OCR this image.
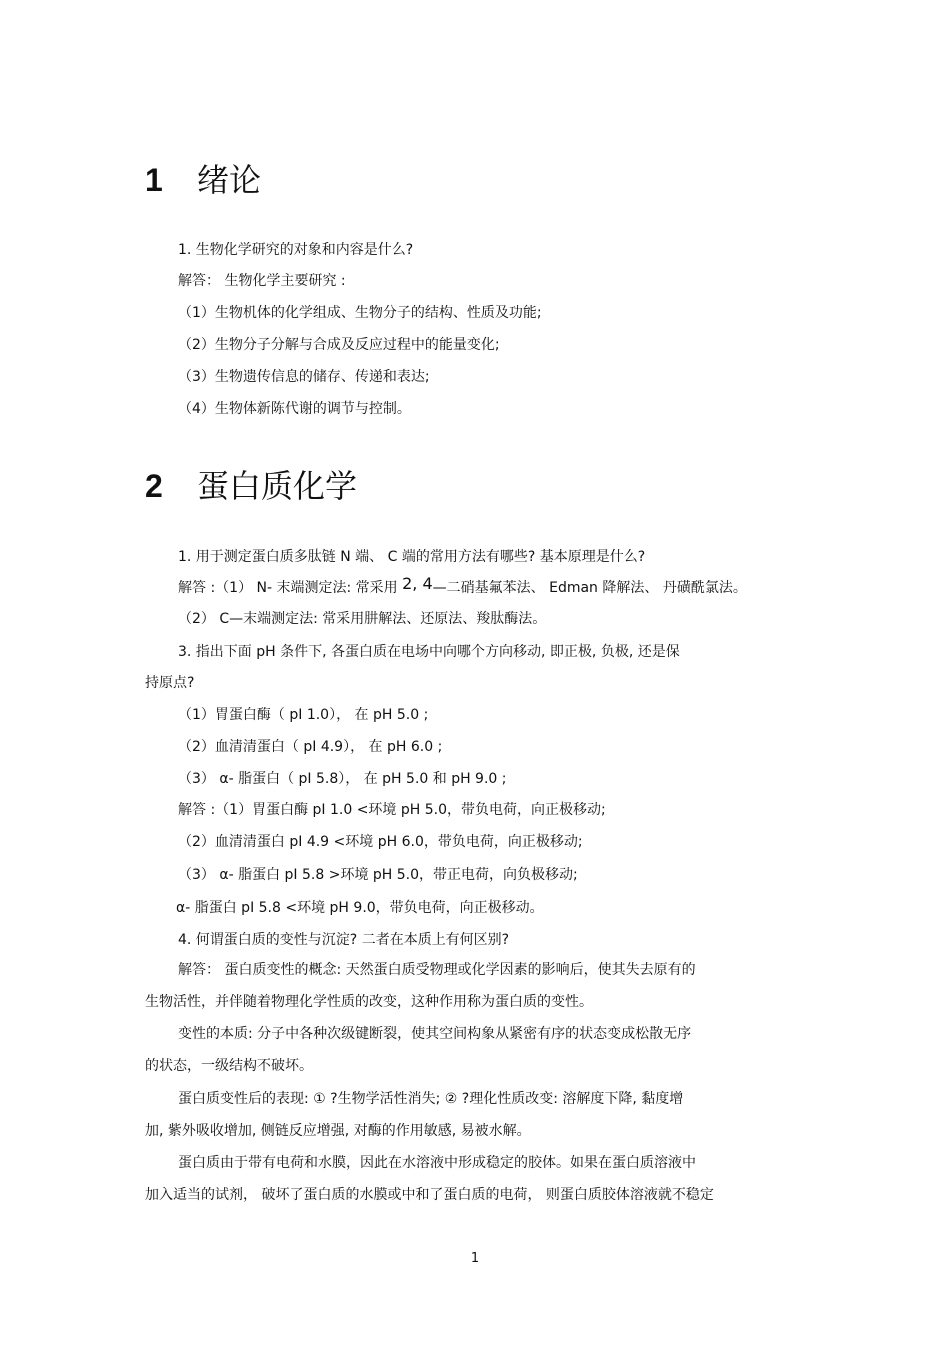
1 绪论
1. 生物化学研究的对象和内容是什么?
解答： 生物化学主要研究 :
（1）生物机体的化学组成、生物分子的结构、性质及功能;
（2）生物分子分解与合成及反应过程中的能量变化;
（3）生物遗传信息的储存、传递和表达;
（4）生物体新陈代谢的调节与控制。
2 蛋白质化学
1. 用于测定蛋白质多肽链 N 端、 C 端的常用方法有哪些? 基本原理是什么?
解答 :（1） N- 末端测定法: 常采用 2, 4—二硝基氟苯法、 Edman 降解法、 丹磺酰氯法。
（2） C—末端测定法: 常采用肼解法、还原法、羧肽酶法。
3. 指出下面 pH 条件下, 各蛋白质在电场中向哪个方向移动, 即正极, 负极, 还是保
持原点?
（1）胃蛋白酶（ pI 1.0）， 在 pH 5.0 ;
（2）血清清蛋白（ pI 4.9）， 在 pH 6.0 ;
（3） α- 脂蛋白（ pI 5.8）， 在 pH 5.0 和 pH 9.0 ;
解答 :（1）胃蛋白酶 pI 1.0 <环境 pH 5.0，带负电荷，向正极移动;
（2）血清清蛋白 pI 4.9 <环境 pH 6.0，带负电荷，向正极移动;
（3） α- 脂蛋白 pI 5.8 >环境 pH 5.0，带正电荷，向负极移动;
α- 脂蛋白 pI 5.8 <环境 pH 9.0，带负电荷，向正极移动。
4. 何谓蛋白质的变性与沉淀? 二者在本质上有何区别?
解答： 蛋白质变性的概念: 天然蛋白质受物理或化学因素的影响后，使其失去原有的
生物活性，并伴随着物理化学性质的改变，这种作用称为蛋白质的变性。
变性的本质: 分子中各种次级键断裂，使其空间构象从紧密有序的状态变成松散无序
的状态，一级结构不破坏。
蛋白质变性后的表现: ① ?生物学活性消失; ② ?理化性质改变: 溶解度下降, 黏度增
加, 紫外吸收增加, 侧链反应增强, 对酶的作用敏感, 易被水解。
蛋白质由于带有电荷和水膜，因此在水溶液中形成稳定的胶体。如果在蛋白质溶液中
加入适当的试剂， 破坏了蛋白质的水膜或中和了蛋白质的电荷， 则蛋白质胶体溶液就不稳定
1
